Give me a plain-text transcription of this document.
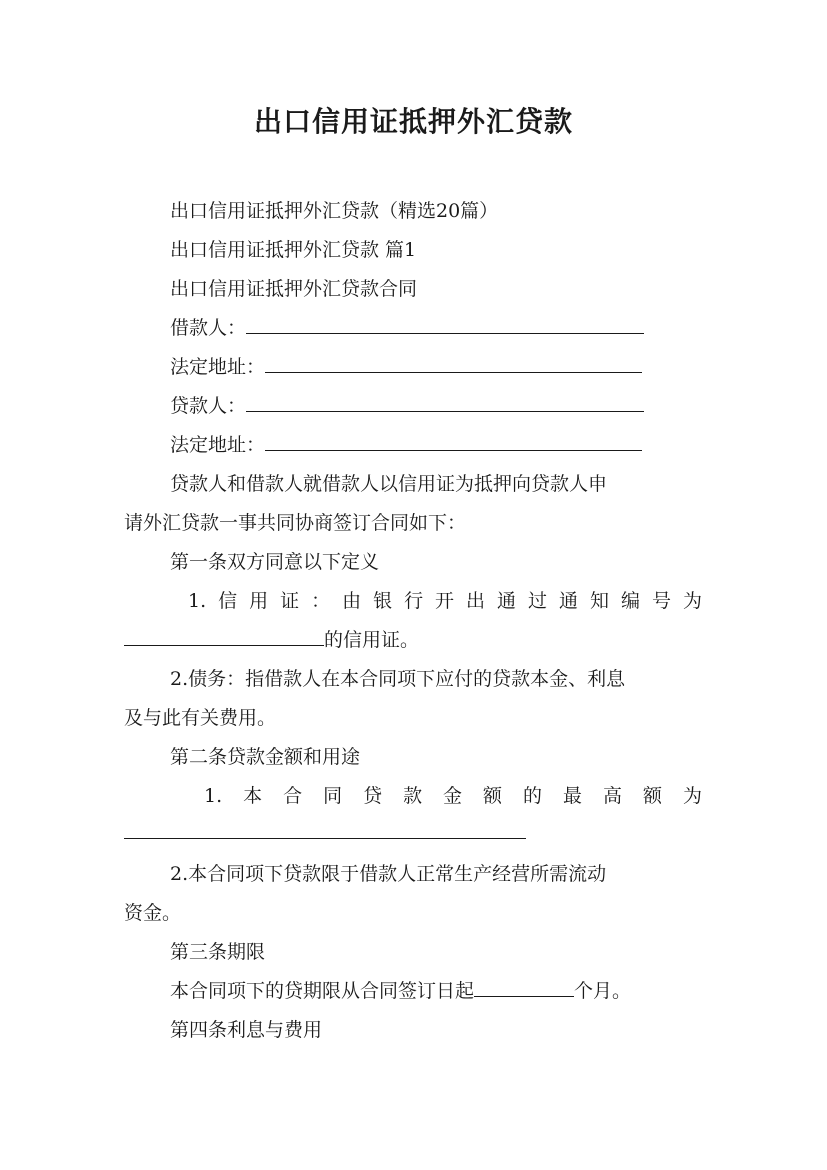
出口信用证抵押外汇贷款
出口信用证抵押外汇贷款（精选20篇）
出口信用证抵押外汇贷款 篇1
出口信用证抵押外汇贷款合同
借款人：
法定地址：
贷款人：
法定地址：
贷款人和借款人就借款人以信用证为抵押向贷款人申
请外汇贷款一事共同协商签订合同如下：
第一条双方同意以下定义
1.信用证：由银行开出通过通知编号为
的信用证。
2.债务：指借款人在本合同项下应付的贷款本金、利息
及与此有关费用。
第二条贷款金额和用途
1.本合同贷款金额的最高额为
2.本合同项下贷款限于借款人正常生产经营所需流动
资金。
第三条期限
本合同项下的贷期限从合同签订日起	个月。
第四条利息与费用
